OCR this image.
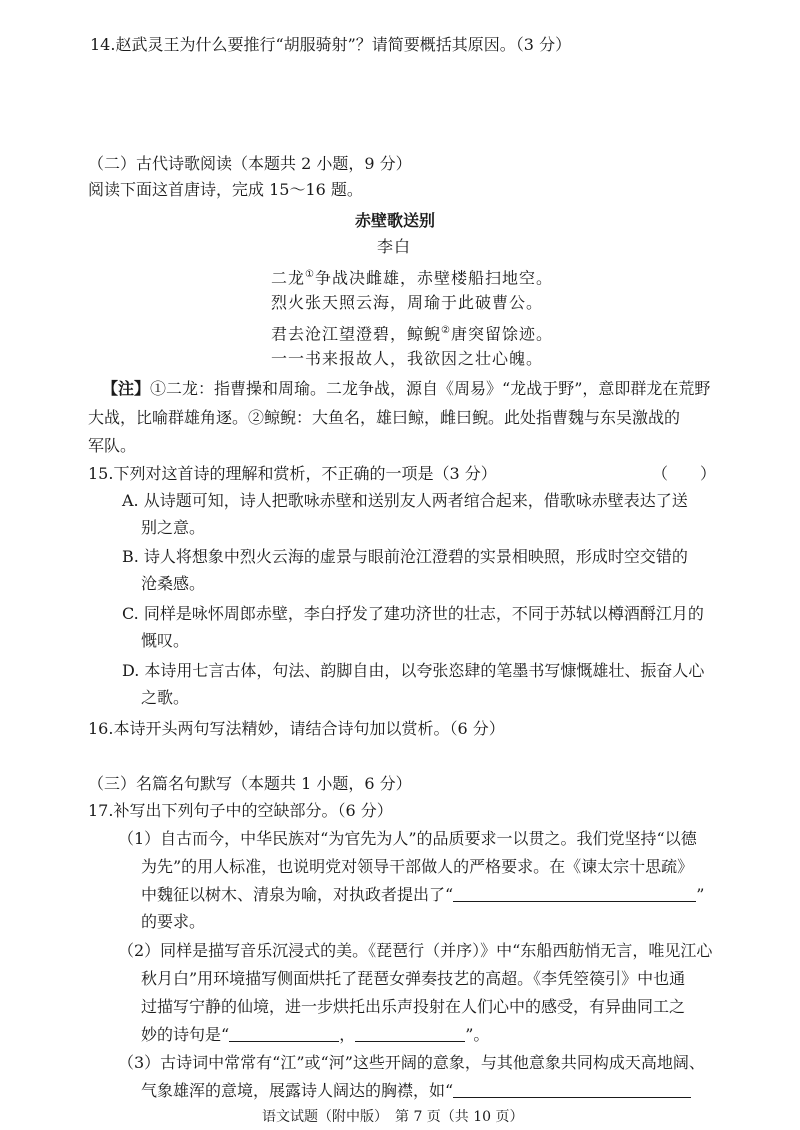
14.赵武灵王为什么要推行“胡服骑射”？请简要概括其原因。（3 分）
（二）古代诗歌阅读（本题共 2 小题，9 分）
阅读下面这首唐诗，完成 15～16 题。
赤壁歌送别
李白
二龙①争战决雌雄，赤壁楼船扫地空。
烈火张天照云海，周瑜于此破曹公。
君去沧江望澄碧，鲸鲵②唐突留馀迹。
一一书来报故人，我欲因之壮心魄。
【注】①二龙：指曹操和周瑜。二龙争战，源自《周易》“龙战于野”，意即群龙在荒野
大战，比喻群雄角逐。②鲸鲵：大鱼名，雄曰鲸，雌曰鲵。此处指曹魏与东吴激战的
军队。
15.下列对这首诗的理解和赏析，不正确的一项是（3 分）	（　　）
A. 从诗题可知，诗人把歌咏赤壁和送别友人两者绾合起来，借歌咏赤壁表达了送
别之意。
B. 诗人将想象中烈火云海的虚景与眼前沧江澄碧的实景相映照，形成时空交错的
沧桑感。
C. 同样是咏怀周郎赤壁，李白抒发了建功济世的壮志，不同于苏轼以樽酒酹江月的
慨叹。
D. 本诗用七言古体，句法、韵脚自由，以夸张恣肆的笔墨书写慷慨雄壮、振奋人心
之歌。
16.本诗开头两句写法精妙，请结合诗句加以赏析。（6 分）
（三）名篇名句默写（本题共 1 小题，6 分）
17.补写出下列句子中的空缺部分。（6 分）
（1）自古而今，中华民族对“为官先为人”的品质要求一以贯之。我们党坚持“以德
为先”的用人标准，也说明党对领导干部做人的严格要求。在《谏太宗十思疏》
中魏征以树木、清泉为喻，对执政者提出了“	”
的要求。
（2）同样是描写音乐沉浸式的美。《琵琶行（并序）》中“东船西舫悄无言，唯见江心
秋月白”用环境描写侧面烘托了琵琶女弹奏技艺的高超。《李凭箜篌引》中也通
过描写宁静的仙境，进一步烘托出乐声投射在人们心中的感受，有异曲同工之
妙的诗句是“	，	”。
（3）古诗词中常常有“江”或“河”这些开阔的意象，与其他意象共同构成天高地阔、
气象雄浑的意境，展露诗人阔达的胸襟，如“
语文试题（附中版）　第 7 页（共 10 页）
